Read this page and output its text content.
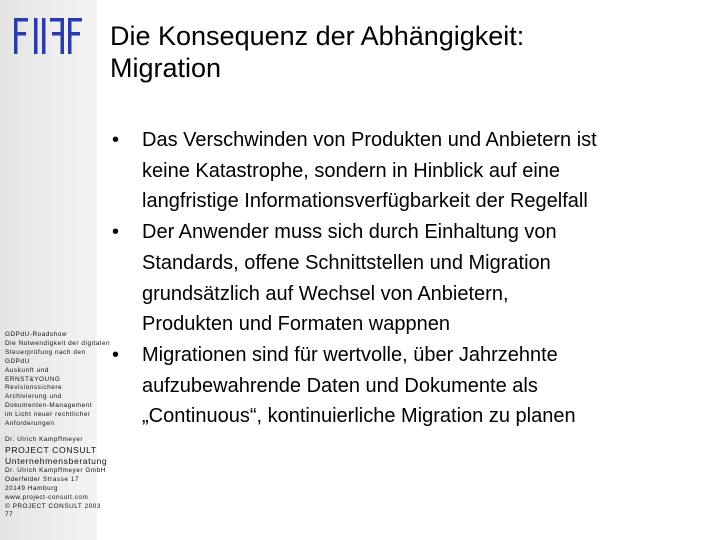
GDPdU-Roadshow
Die Notwendigkeit der digitalen
Steuerprüfung nach den
GDPdU
Auskunft und
ERNST&YOUNG
Revisionssichere
Archivierung und
Dokumenten-Management
im Licht neuer rechtlicher
Anforderungen
Dr. Ulrich Kampffmeyer
PROJECT CONSULT
Unternehmensberatung
Dr. Ulrich Kampffmeyer GmbH
Oderfelder Strasse 17
20149 Hamburg
www.project-consult.com
© PROJECT CONSULT 2003
77
Die Konsequenz der Abhängigkeit:
Migration
• Das Verschwinden von Produkten und Anbietern ist
keine Katastrophe, sondern in Hinblick auf eine
langfristige Informationsverfügbarkeit der Regelfall
• Der Anwender muss sich durch Einhaltung von
Standards, offene Schnittstellen und Migration
grundsätzlich auf Wechsel von Anbietern,
Produkten und Formaten wappnen
• Migrationen sind für wertvolle, über Jahrzehnte
aufzubewahrende Daten und Dokumente als
„Continuous“, kontinuierliche Migration zu planen
